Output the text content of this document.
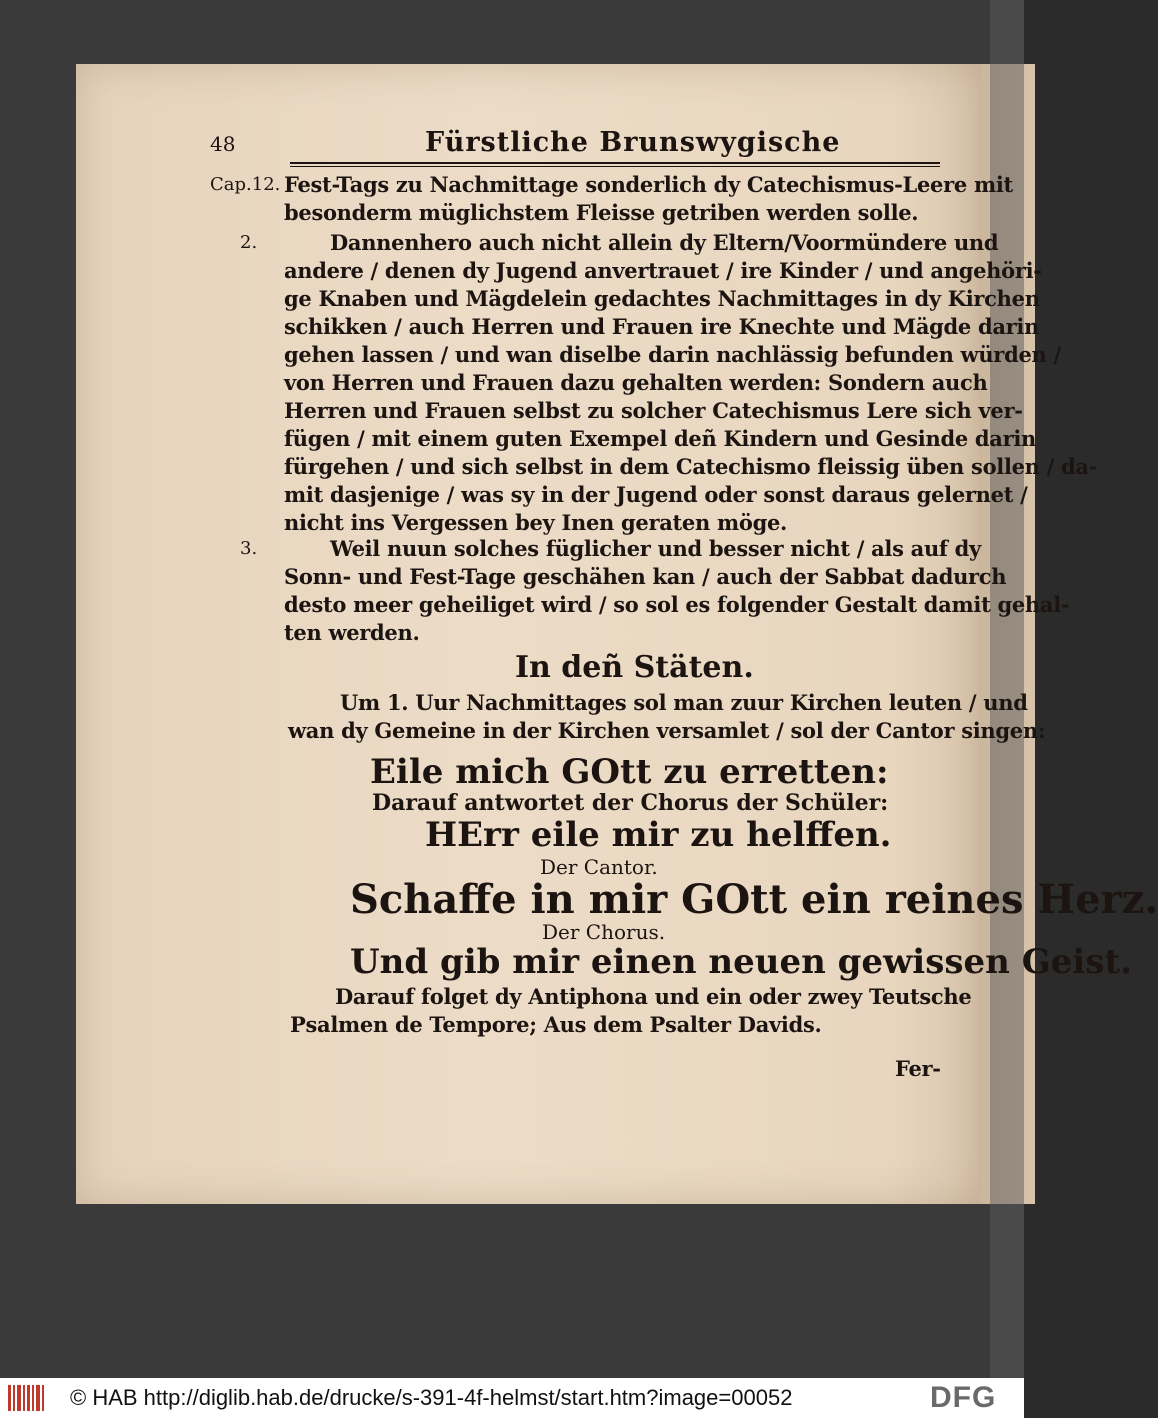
48	Fürstliche Brunswygische
Cap.12. Fest-Tags zu Nachmittage sonderlich dy Catechismus-Leere mit
besonderm müglichstem Fleisse getriben werden solle.
2.	Dannenhero auch nicht allein dy Eltern/Voormündere und
andere / denen dy Jugend anvertrauet / ire Kinder / und angehöri-
ge Knaben und Mägdelein gedachtes Nachmittages in dy Kirchen
schikken / auch Herren und Frauen ire Knechte und Mägde darin
gehen lassen / und wan diselbe darin nachlässig befunden würden /
von Herren und Frauen dazu gehalten werden: Sondern auch
Herren und Frauen selbst zu solcher Catechismus Lere sich ver-
fügen / mit einem guten Exempel deñ Kindern und Gesinde darin
fürgehen / und sich selbst in dem Catechismo fleissig üben sollen / da-
mit dasjenige / was sy in der Jugend oder sonst daraus gelernet /
nicht ins Vergessen bey Inen geraten möge.
3.	Weil nuun solches füglicher und besser nicht / als auf dy
Sonn- und Fest-Tage geschähen kan / auch der Sabbat dadurch
desto meer geheiliget wird / so sol es folgender Gestalt damit gehal-
ten werden.
In deñ Stäten.
Um 1. Uur Nachmittages sol man zuur Kirchen leuten / und
wan dy Gemeine in der Kirchen versamlet / sol der Cantor singen:
Eile mich GOtt zu erretten:
Darauf antwortet der Chorus der Schüler:
HErr eile mir zu helffen.
Der Cantor.
Schaffe in mir GOtt ein reines Herz.
Der Chorus.
Und gib mir einen neuen gewissen Geist.
Darauf folget dy Antiphona und ein oder zwey Teutsche
Psalmen de Tempore; Aus dem Psalter Davids.
Fer-
© HAB http://diglib.hab.de/drucke/s-391-4f-helmst/start.htm?image=00052	DFG
